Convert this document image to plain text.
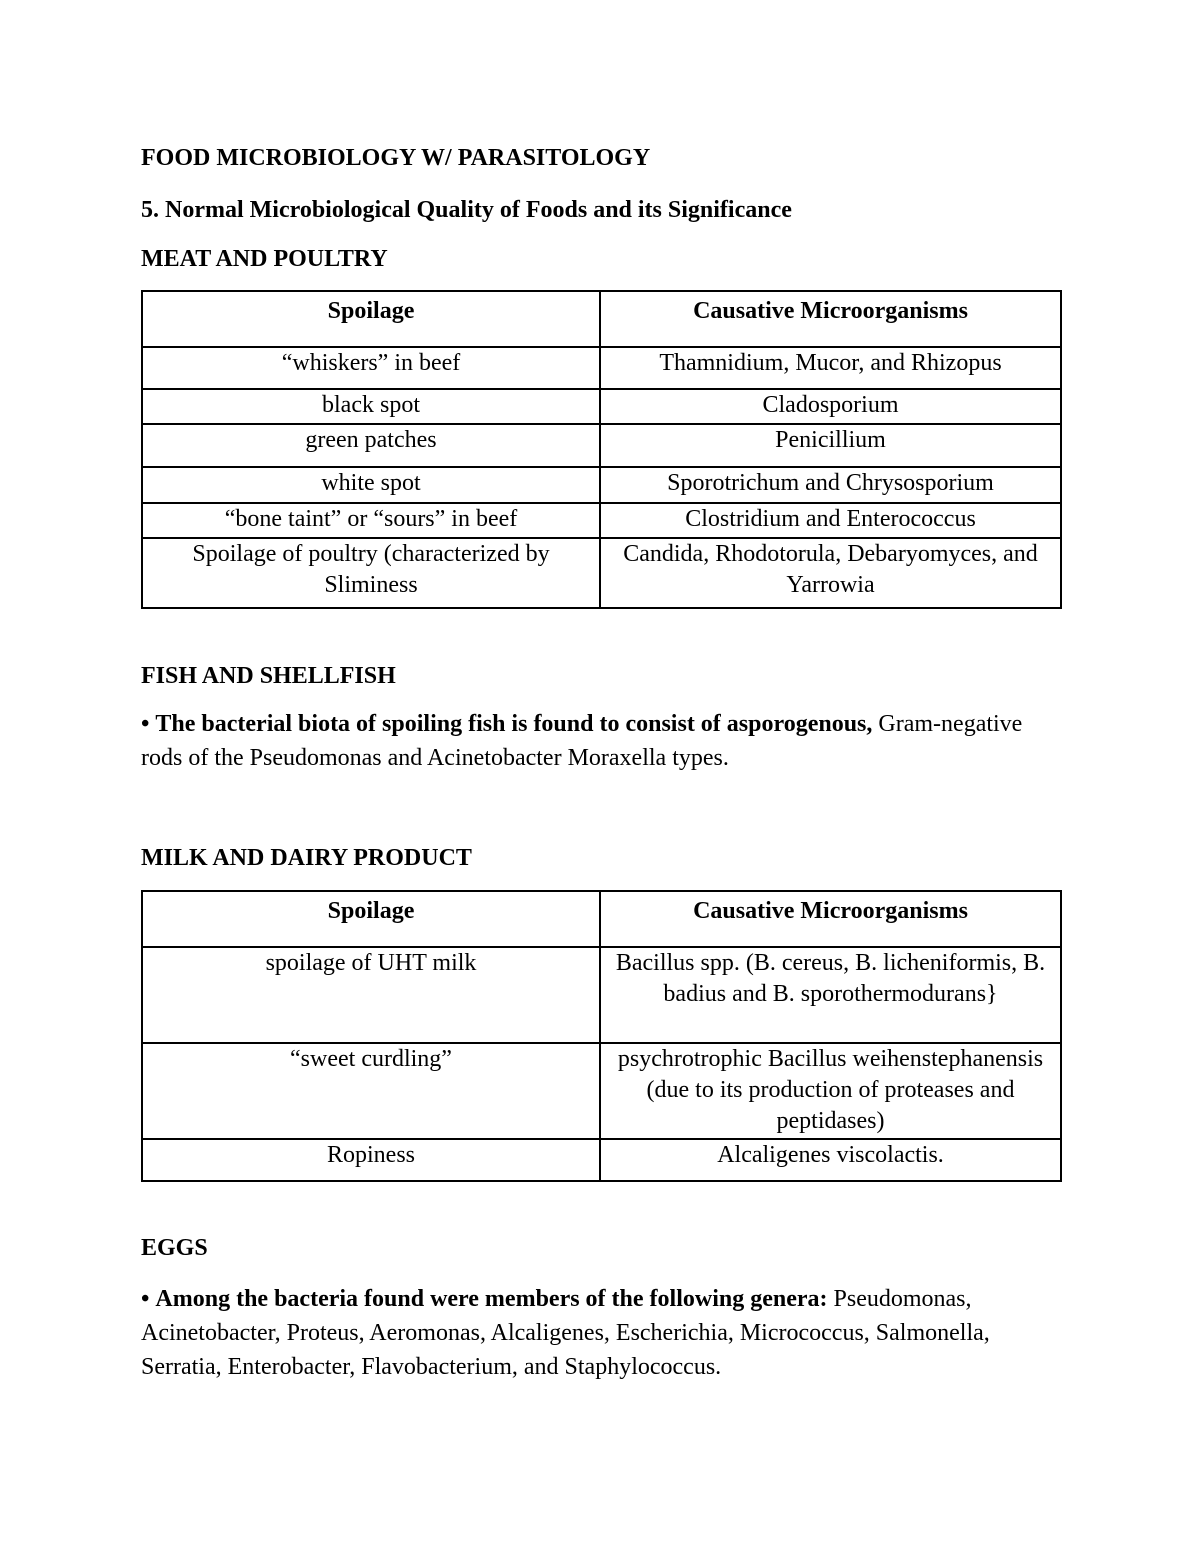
FOOD MICROBIOLOGY W/ PARASITOLOGY
5. Normal Microbiological Quality of Foods and its Significance
MEAT AND POULTRY
Spoilage	Causative Microorganisms
“whiskers” in beef	Thamnidium, Mucor, and Rhizopus
black spot	Cladosporium
green patches	Penicillium
white spot	Sporotrichum and Chrysosporium
“bone taint” or “sours” in beef	Clostridium and Enterococcus
Spoilage of poultry (characterized by Sliminess	Candida, Rhodotorula, Debaryomyces, and Yarrowia
FISH AND SHELLFISH
• The bacterial biota of spoiling fish is found to consist of asporogenous, Gram-negative rods of the Pseudomonas and Acinetobacter Moraxella types.
MILK AND DAIRY PRODUCT
Spoilage	Causative Microorganisms
spoilage of UHT milk	Bacillus spp. (B. cereus, B. licheniformis, B. badius and B. sporothermodurans}
“sweet curdling”	psychrotrophic Bacillus weihenstephanensis (due to its production of proteases and peptidases)
Ropiness	Alcaligenes viscolactis.
EGGS
• Among the bacteria found were members of the following genera: Pseudomonas, Acinetobacter, Proteus, Aeromonas, Alcaligenes, Escherichia, Micrococcus, Salmonella, Serratia, Enterobacter, Flavobacterium, and Staphylococcus.
